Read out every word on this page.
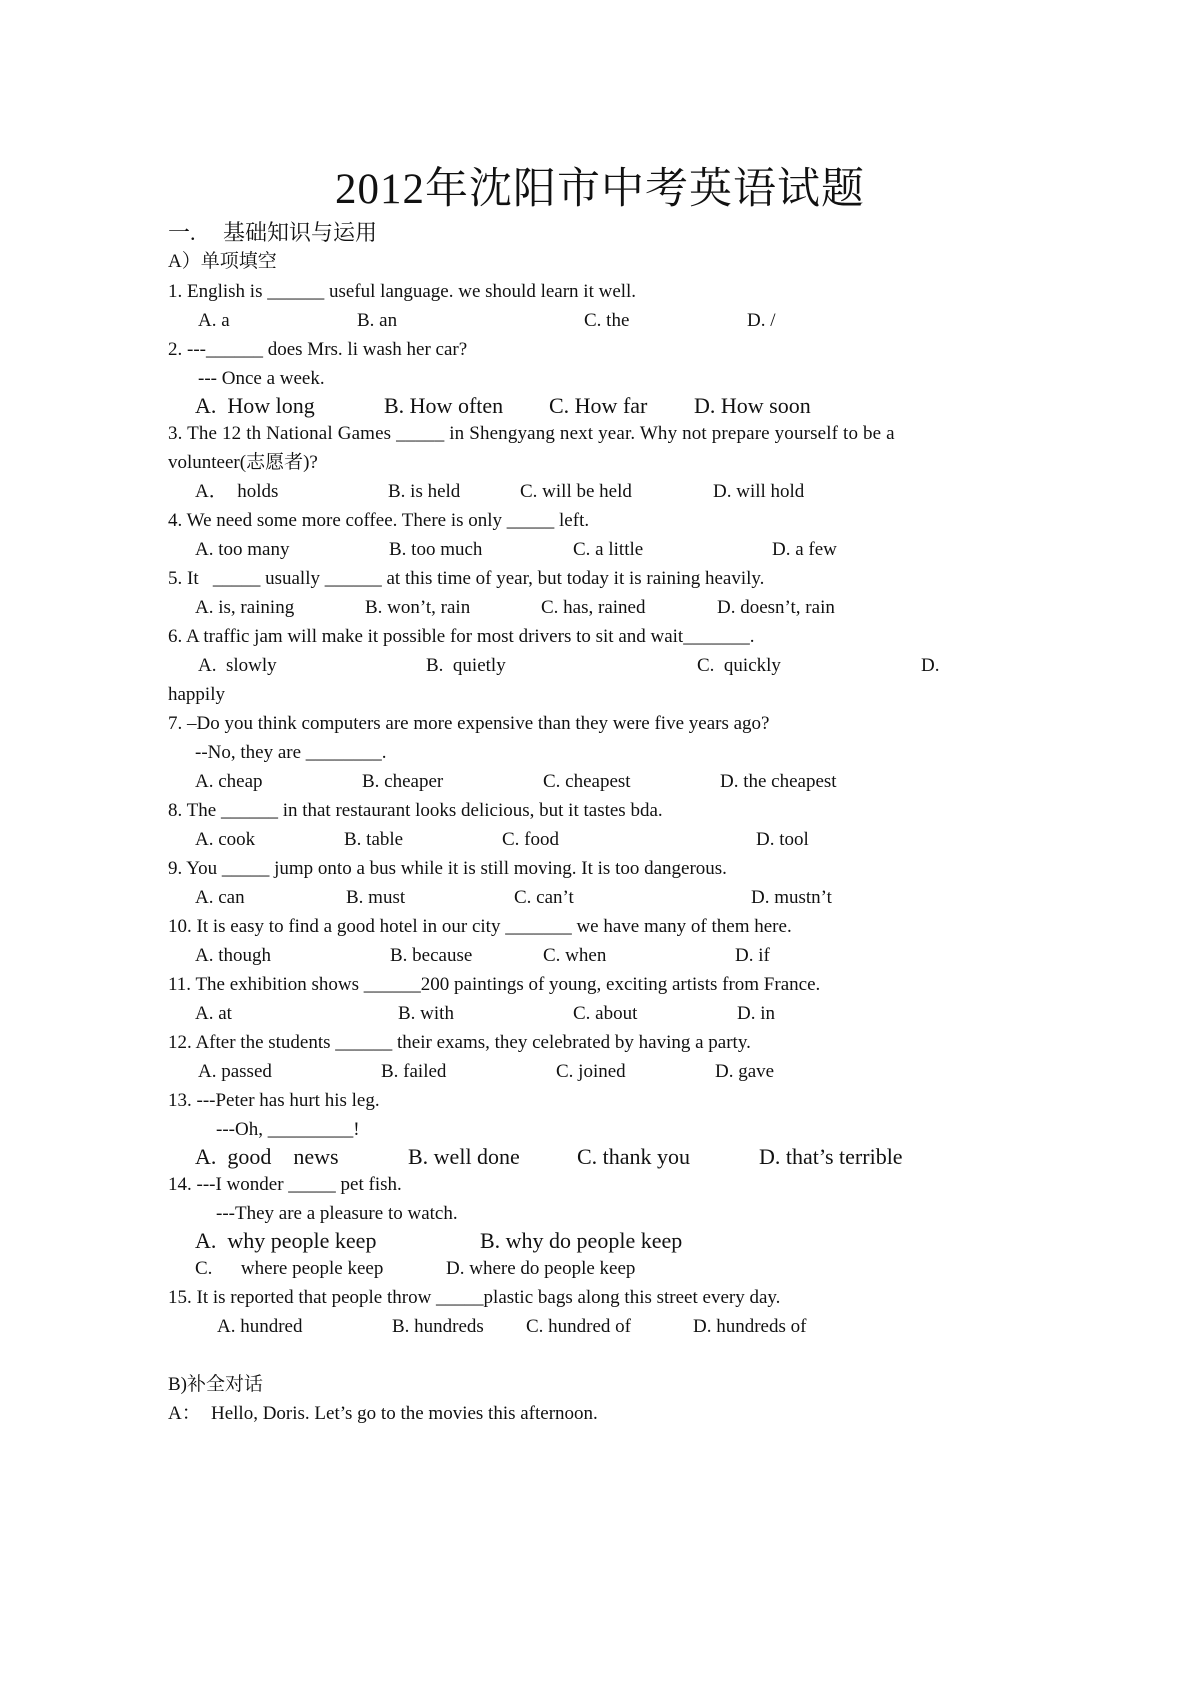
2012年沈阳市中考英语试题
一.     基础知识与运用
A）单项填空
1. English is ______ useful language. we should learn it well.
A. a	B. an	C. the	D. /
2. ---______ does Mrs. li wash her car?
--- Once a week.
A.  How long	B. How often C. How far D. How soon
3. The 12 th National Games _____ in Shengyang next year. Why not prepare yourself to be a
volunteer(志愿者)?
A．  holds	B. is held	C. will be held	D. will hold
4. We need some more coffee. There is only _____ left.
A. too many	B. too much	C. a little	D. a few
5. It   _____ usually ______ at this time of year, but today it is raining heavily.
A. is, raining	B. won’t, rain	C. has, rained	D. doesn’t, rain
6. A traffic jam will make it possible for most drivers to sit and wait_______.
A.  slowly	B.  quietly	C.  quickly	D.
happily
7. –Do you think computers are more expensive than they were five years ago?
--No, they are ________.
A. cheap	B. cheaper	C. cheapest	D. the cheapest
8. The ______ in that restaurant looks delicious, but it tastes bda.
A. cook	B. table	C. food	D. tool
9. You _____ jump onto a bus while it is still moving. It is too dangerous.
A. can	B. must	C. can’t	D. mustn’t
10. It is easy to find a good hotel in our city _______ we have many of them here.
A. though	B. because	C. when	D. if
11. The exhibition shows ______200 paintings of young, exciting artists from France.
A. at	B. with	C. about	D. in
12. After the students ______ their exams, they celebrated by having a party.
A. passed	B. failed	C. joined	D. gave
13. ---Peter has hurt his leg.
---Oh, _________!
A.  good    news	B. well done	C. thank you	D. that’s terrible
14. ---I wonder _____ pet fish.
---They are a pleasure to watch.
A.  why people keep	B. why do people keep
C.      where people keep	D. where do people keep
15. It is reported that people throw _____plastic bags along this street every day.
A. hundred	B. hundreds C. hundred of	D. hundreds of
B)补全对话
A： Hello, Doris. Let’s go to the movies this afternoon.
